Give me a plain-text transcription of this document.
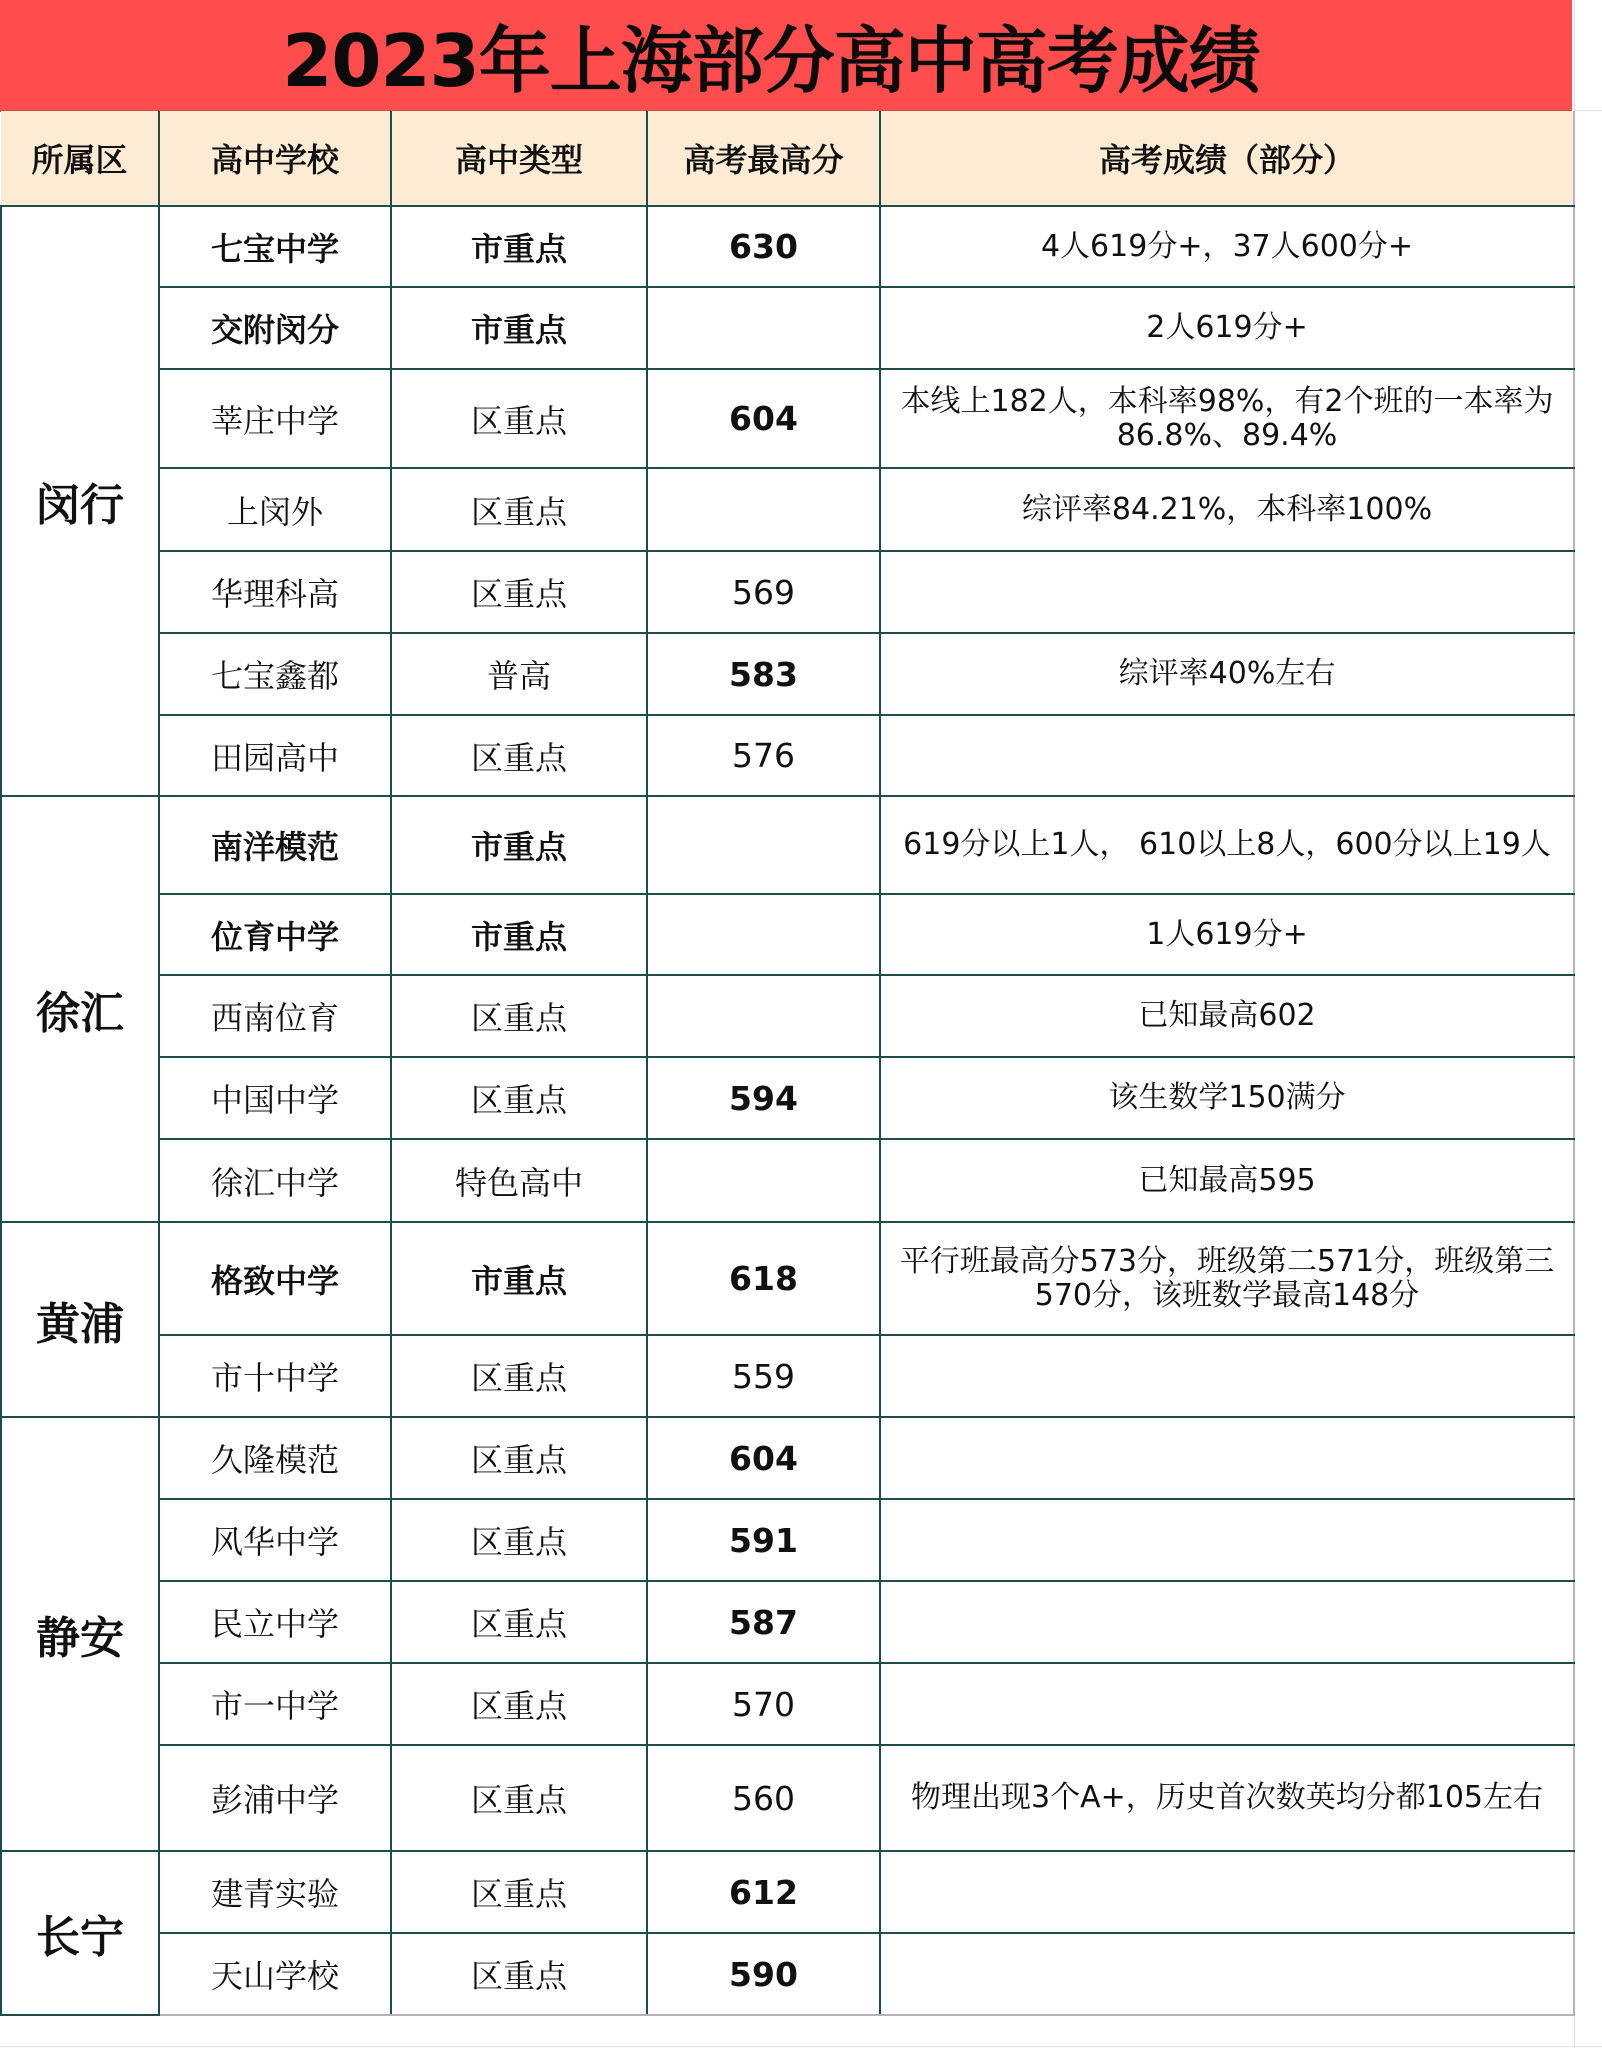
2023年上海部分高中高考成绩
所属区	高中学校	高中类型	高考最高分	高考成绩（部分）
闵行	七宝中学	市重点	630	4人619分+，37人600分+
	交附闵分	市重点		2人619分+
	莘庄中学	区重点	604	本线上182人，本科率98%，有2个班的一本率为86.8%、89.4%
	上闵外	区重点		综评率84.21%，本科率100%
	华理科高	区重点	569	
	七宝鑫都	普高	583	综评率40%左右
	田园高中	区重点	576	
徐汇	南洋模范	市重点		619分以上1人， 610以上8人，600分以上19人
	位育中学	市重点		1人619分+
	西南位育	区重点		已知最高602
	中国中学	区重点	594	该生数学150满分
	徐汇中学	特色高中		已知最高595
黄浦	格致中学	市重点	618	平行班最高分573分，班级第二571分，班级第三570分，该班数学最高148分
	市十中学	区重点	559	
静安	久隆模范	区重点	604	
	风华中学	区重点	591	
	民立中学	区重点	587	
	市一中学	区重点	570	
	彭浦中学	区重点	560	物理出现3个A+，历史首次数英均分都105左右
长宁	建青实验	区重点	612	
	天山学校	区重点	590	
